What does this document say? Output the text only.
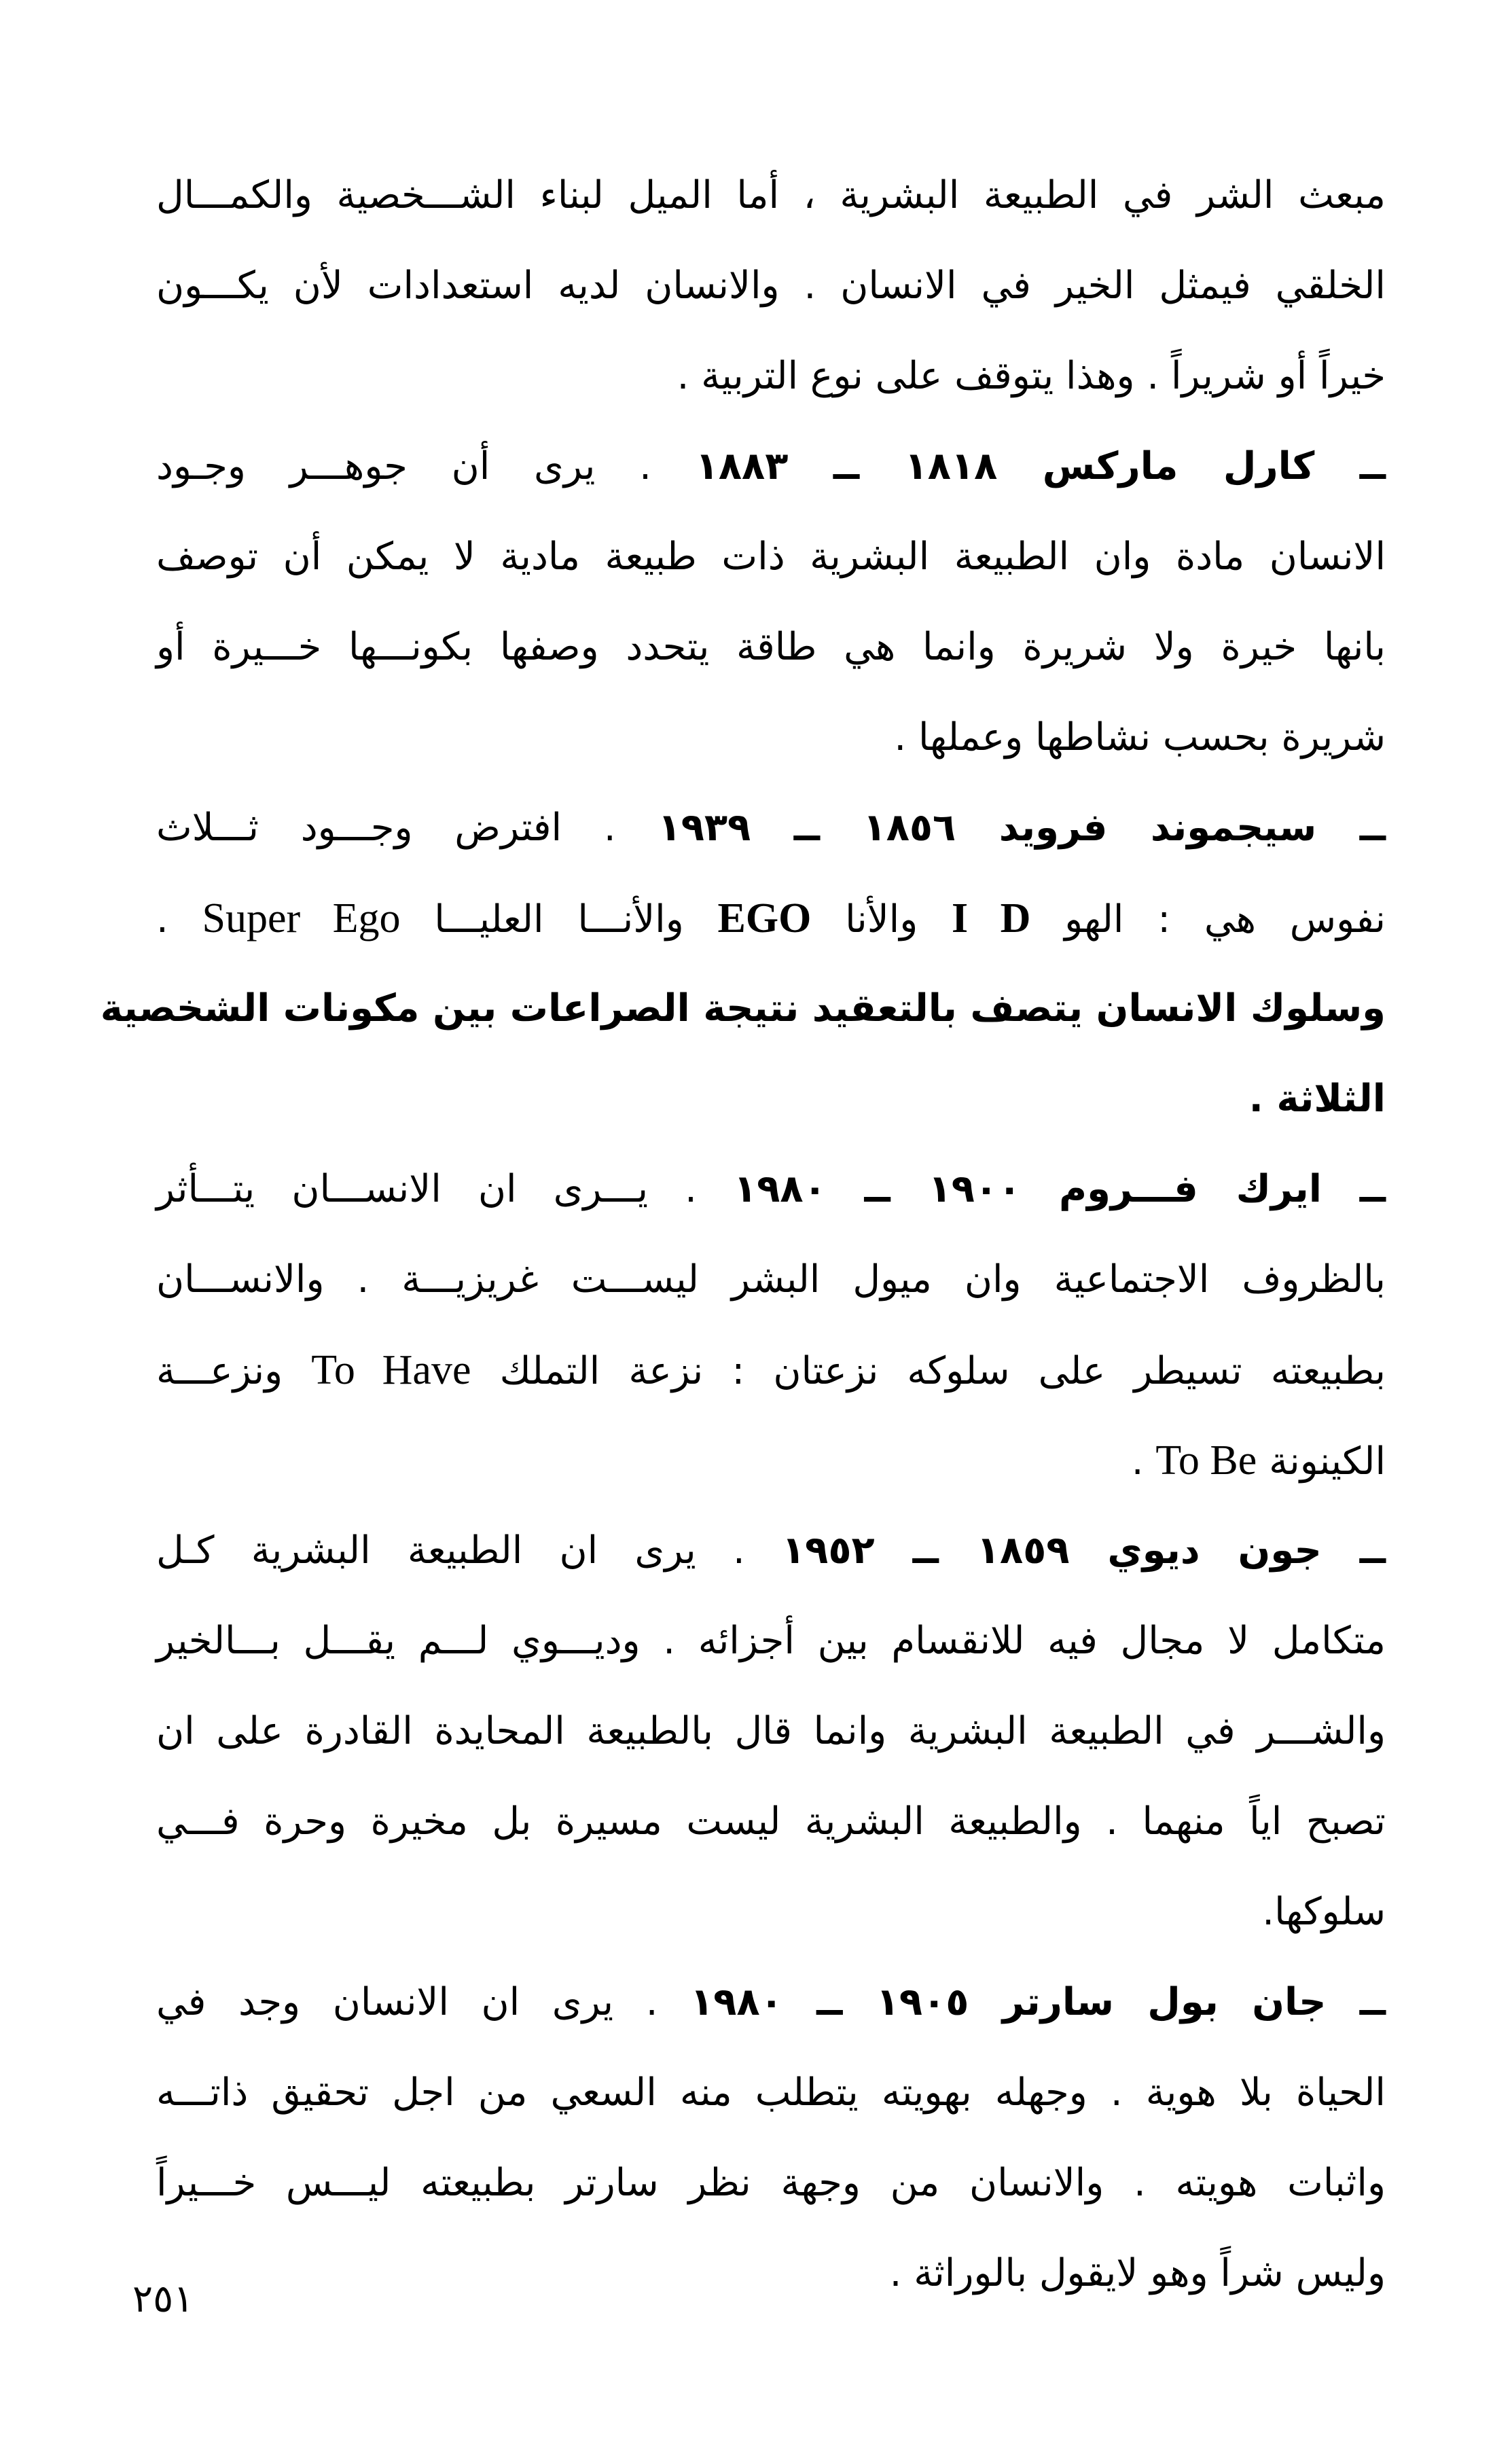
مبعث الشر في الطبيعة البشرية ، أما الميل لبناء الشـــخصية والكمـــال
الخلقي فيمثل الخير في الانسان . والانسان لديه استعدادات لأن يكـــون
خيراً أو شريراً . وهذا يتوقف على نوع التربية .
ــ كارل ماركس ١٨١٨ ــ ١٨٨٣ . يرى أن جوهـــر وجـود
الانسان مادة وان الطبيعة البشرية ذات طبيعة مادية لا يمكن أن توصف
بانها خيرة ولا شريرة وانما هي طاقة يتحدد وصفها بكونـــها خـــيرة أو
شريرة بحسب نشاطها وعملها .
ــ سيجموند فرويد ١٨٥٦ ــ ١٩٣٩ . افترض وجـــود ثـــلاث
نفوس هي : الهو I D والأنا EGO والأنـــا العليـــا Super Ego .
وسلوك الانسان يتصف بالتعقيد نتيجة الصراعات بين مكونات الشخصية
الثلاثة .
ــ ايرك فـــروم ١٩٠٠ ــ ١٩٨٠ . يـــرى ان الانســـان يتـــأثر
بالظروف الاجتماعية وان ميول البشر ليســـت غريزيـــة . والانســـان
بطبيعته تسيطر على سلوكه نزعتان : نزعة التملك To Have ونزعـــة
الكينونة To Be .
ــ جون ديوي ١٨٥٩ ــ ١٩٥٢ . يرى ان الطبيعة البشرية كـل
متكامل لا مجال فيه للانقسام بين أجزائه . وديـــوي لـــم يقـــل بـــالخير
والشـــر في الطبيعة البشرية وانما قال بالطبيعة المحايدة القادرة على ان
تصبح اياً منهما . والطبيعة البشرية ليست مسيرة بل مخيرة وحرة فـــي
سلوكها.
ــ جان بول سارتر ١٩٠٥ ــ ١٩٨٠ . يرى ان الانسان وجد في
الحياة بلا هوية . وجهله بهويته يتطلب منه السعي من اجل تحقيق ذاتـــه
واثبات هويته . والانسان من وجهة نظر سارتر بطبيعته ليـــس خـــيراً
وليس شراً وهو لايقول بالوراثة .
٢٥١
